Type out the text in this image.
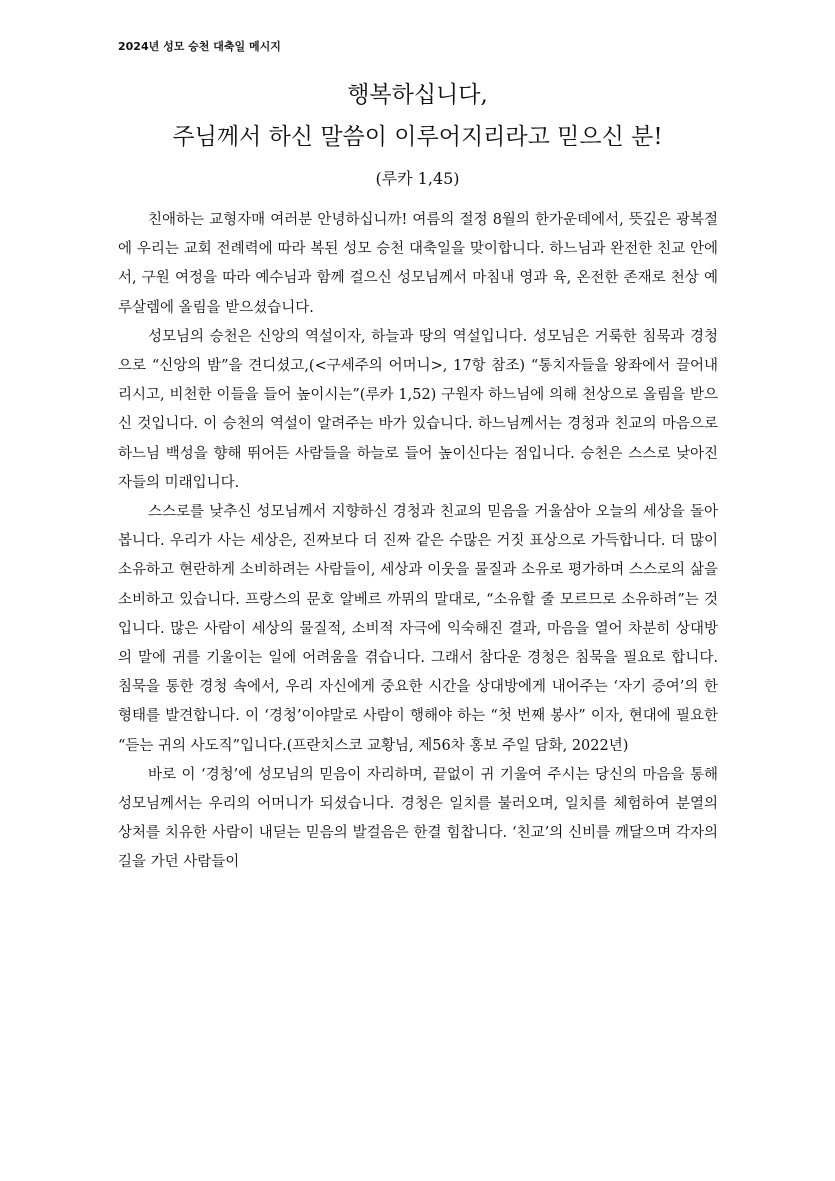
2024년 성모 승천 대축일 메시지
행복하십니다,
주님께서 하신 말씀이 이루어지리라고 믿으신 분!
(루카 1,45)

친애하는 교형자매 여러분 안녕하십니까! 여름의 절정 8월의 한가운데에서, 뜻깊은 광복절에 우리는 교회 전례력에 따라 복된 성모 승천 대축일을 맞이합니다. 하느님과 완전한 친교 안에서, 구원 여정을 따라 예수님과 함께 걸으신 성모님께서 마침내 영과 육, 온전한 존재로 천상 예루살렘에 올림을 받으셨습니다.

성모님의 승천은 신앙의 역설이자, 하늘과 땅의 역설입니다. 성모님은 거룩한 침묵과 경청으로 “신앙의 밤”을 견디셨고,(<구세주의 어머니>, 17항 참조) “통치자들을 왕좌에서 끌어내리시고, 비천한 이들을 들어 높이시는”(루카 1,52) 구원자 하느님에 의해 천상으로 올림을 받으신 것입니다. 이 승천의 역설이 알려주는 바가 있습니다. 하느님께서는 경청과 친교의 마음으로 하느님 백성을 향해 뛰어든 사람들을 하늘로 들어 높이신다는 점입니다. 승천은 스스로 낮아진 자들의 미래입니다.

스스로를 낮추신 성모님께서 지향하신 경청과 친교의 믿음을 거울삼아 오늘의 세상을 돌아봅니다. 우리가 사는 세상은, 진짜보다 더 진짜 같은 수많은 거짓 표상으로 가득합니다. 더 많이 소유하고 현란하게 소비하려는 사람들이, 세상과 이웃을 물질과 소유로 평가하며 스스로의 삶을 소비하고 있습니다. 프랑스의 문호 알베르 까뮈의 말대로, “소유할 줄 모르므로 소유하려”는 것입니다. 많은 사람이 세상의 물질적, 소비적 자극에 익숙해진 결과, 마음을 열어 차분히 상대방의 말에 귀를 기울이는 일에 어려움을 겪습니다. 그래서 참다운 경청은 침묵을 필요로 합니다. 침묵을 통한 경청 속에서, 우리 자신에게 중요한 시간을 상대방에게 내어주는 ‘자기 증여’의 한 형태를 발견합니다. 이 ‘경청’이야말로 사람이 행해야 하는 “첫 번째 봉사” 이자, 현대에 필요한 “듣는 귀의 사도직”입니다.(프란치스코 교황님, 제56차 홍보 주일 담화, 2022년)

바로 이 ‘경청’에 성모님의 믿음이 자리하며, 끝없이 귀 기울여 주시는 당신의 마음을 통해 성모님께서는 우리의 어머니가 되셨습니다. 경청은 일치를 불러오며, 일치를 체험하여 분열의 상처를 치유한 사람이 내딛는 믿음의 발걸음은 한결 힘찹니다. ‘친교’의 신비를 깨달으며 각자의 길을 가던 사람들이
